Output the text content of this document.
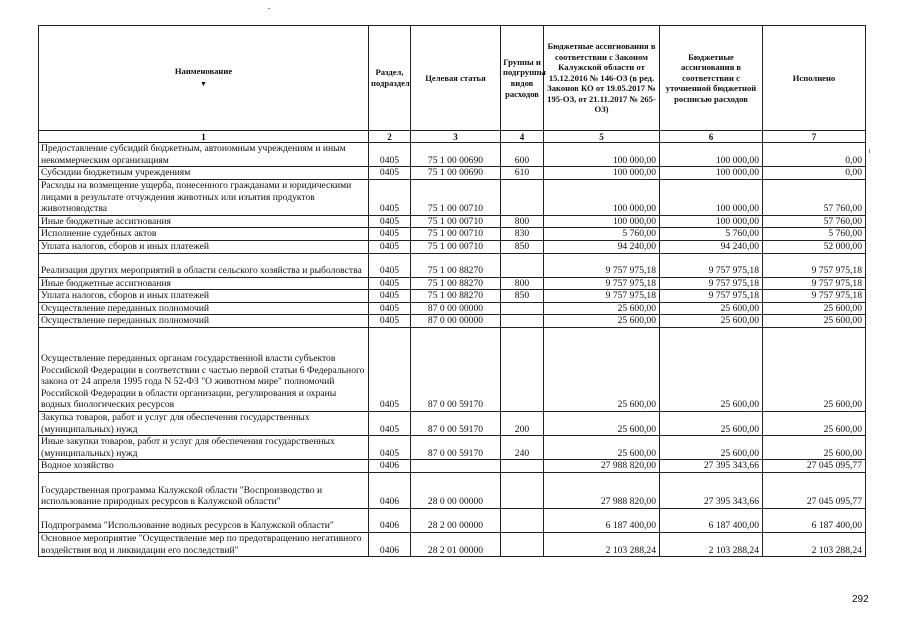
Наименование
▼	Раздел, подраздел	Целевая статья	Группы и подгруппы видов расходов	Бюджетные ассигнования в соответствии с Законом Калужской области от 15.12.2016 № 146-ОЗ (в ред. Законов КО от 19.05.2017 № 195-ОЗ, от 21.11.2017 № 265-ОЗ)	Бюджетные ассигнования в соответствии с уточненной бюджетной росписью расходов	Исполнено
1	2	3	4	5	6	7
Предоставление субсидий бюджетным, автономным учреждениям и иным некоммерческим организациям	0405	75 1 00 00690	600	100 000,00	100 000,00	0,00
Субсидии бюджетным учреждениям	0405	75 1 00 00690	610	100 000,00	100 000,00	0,00
Расходы на возмещение ущерба, понесенного гражданами и юридическими лицами в результате отчуждения животных или изъятия продуктов животноводства	0405	75 1 00 00710		100 000,00	100 000,00	57 760,00
Иные бюджетные ассигнования	0405	75 1 00 00710	800	100 000,00	100 000,00	57 760,00
Исполнение судебных актов	0405	75 1 00 00710	830	5 760,00	5 760,00	5 760,00
Уплата налогов, сборов и иных платежей	0405	75 1 00 00710	850	94 240,00	94 240,00	52 000,00
Реализация других мероприятий в области сельского хозяйства и рыболовства	0405	75 1 00 88270		9 757 975,18	9 757 975,18	9 757 975,18
Иные бюджетные ассигнования	0405	75 1 00 88270	800	9 757 975,18	9 757 975,18	9 757 975,18
Уплата налогов, сборов и иных платежей	0405	75 1 00 88270	850	9 757 975,18	9 757 975,18	9 757 975,18
Осуществление переданных полномочий	0405	87 0 00 00000		25 600,00	25 600,00	25 600,00
Осуществление переданных полномочий	0405	87 0 00 00000		25 600,00	25 600,00	25 600,00
Осуществление переданных органам государственной власти субъектов Российской Федерации в соответствии с частью первой статьи 6 Федерального закона от 24 апреля 1995 года N 52-ФЗ "О животном мире" полномочий Российской Федерации в области организации, регулирования и охраны водных биологических ресурсов	0405	87 0 00 59170		25 600,00	25 600,00	25 600,00
Закупка товаров, работ и услуг для обеспечения государственных (муниципальных) нужд	0405	87 0 00 59170	200	25 600,00	25 600,00	25 600,00
Иные закупки товаров, работ и услуг для обеспечения государственных (муниципальных) нужд	0405	87 0 00 59170	240	25 600,00	25 600,00	25 600,00
Водное хозяйство	0406			27 988 820,00	27 395 343,66	27 045 095,77
Государственная программа Калужской области "Воспроизводство и использование природных ресурсов в Калужской области"	0406	28 0 00 00000		27 988 820,00	27 395 343,66	27 045 095,77
Подпрограмма "Использование водных ресурсов в Калужской области"	0406	28 2 00 00000		6 187 400,00	6 187 400,00	6 187 400,00
Основное мероприятие "Осуществление мер по предотвращению негативного воздействия вод и ликвидации его последствий"	0406	28 2 01 00000		2 103 288,24	2 103 288,24	2 103 288,24
292
